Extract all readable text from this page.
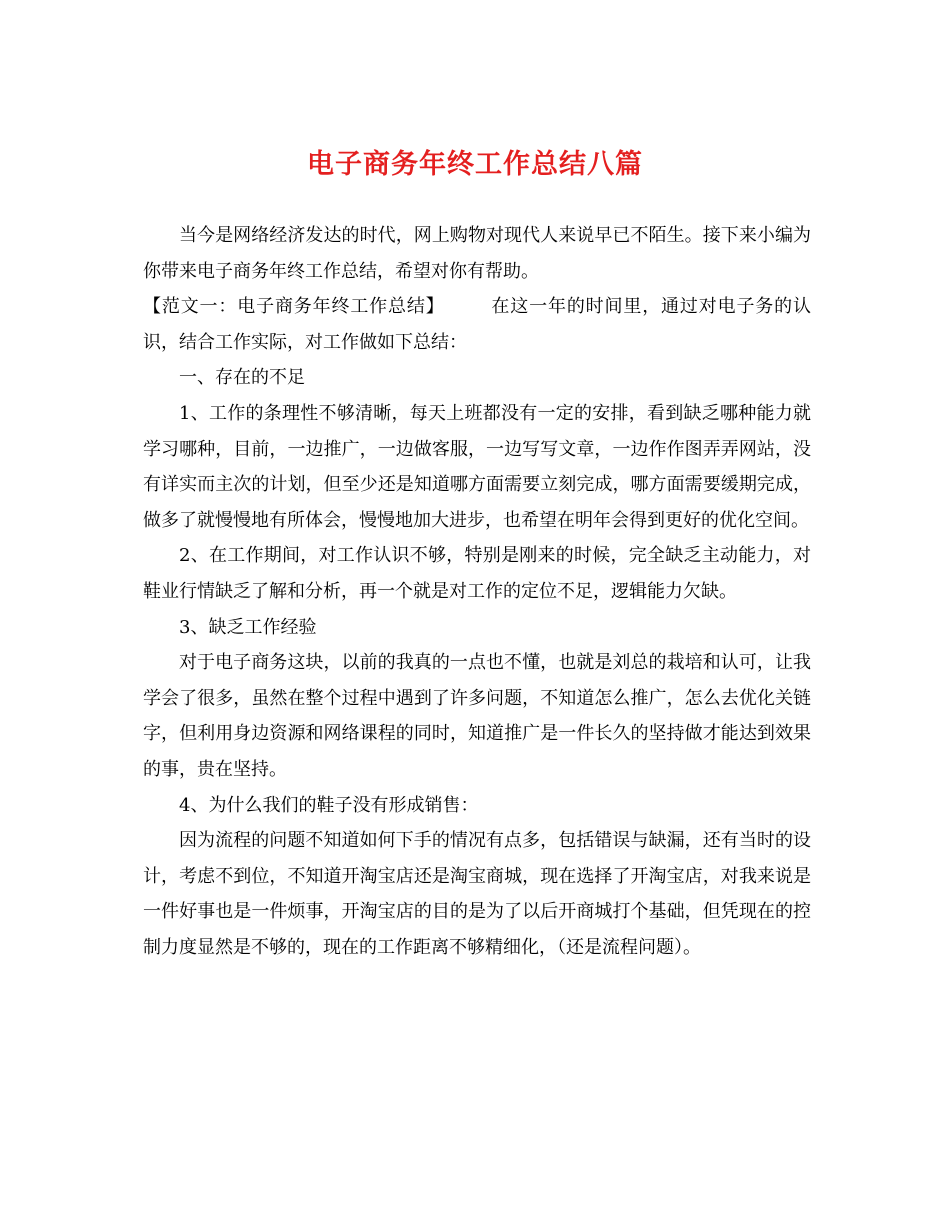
电子商务年终工作总结八篇

当今是网络经济发达的时代，网上购物对现代人来说早已不陌生。接下来小编为你带来电子商务年终工作总结，希望对你有帮助。

【范文一：电子商务年终工作总结】	在这一年的时间里，通过对电子务的认识，结合工作实际，对工作做如下总结：

一、存在的不足

1、工作的条理性不够清晰，每天上班都没有一定的安排，看到缺乏哪种能力就学习哪种，目前，一边推广，一边做客服，一边写写文章，一边作作图弄弄网站，没有详实而主次的计划，但至少还是知道哪方面需要立刻完成，哪方面需要缓期完成，做多了就慢慢地有所体会，慢慢地加大进步，也希望在明年会得到更好的优化空间。

2、在工作期间，对工作认识不够，特别是刚来的时候，完全缺乏主动能力，对鞋业行情缺乏了解和分析，再一个就是对工作的定位不足，逻辑能力欠缺。

3、缺乏工作经验

对于电子商务这块，以前的我真的一点也不懂，也就是刘总的栽培和认可，让我学会了很多，虽然在整个过程中遇到了许多问题，不知道怎么推广，怎么去优化关链字，但利用身边资源和网络课程的同时，知道推广是一件长久的坚持做才能达到效果的事，贵在坚持。

4、为什么我们的鞋子没有形成销售：

因为流程的问题不知道如何下手的情况有点多，包括错误与缺漏，还有当时的设计，考虑不到位，不知道开淘宝店还是淘宝商城，现在选择了开淘宝店，对我来说是一件好事也是一件烦事，开淘宝店的目的是为了以后开商城打个基础，但凭现在的控制力度显然是不够的，现在的工作距离不够精细化，（还是流程问题）。
